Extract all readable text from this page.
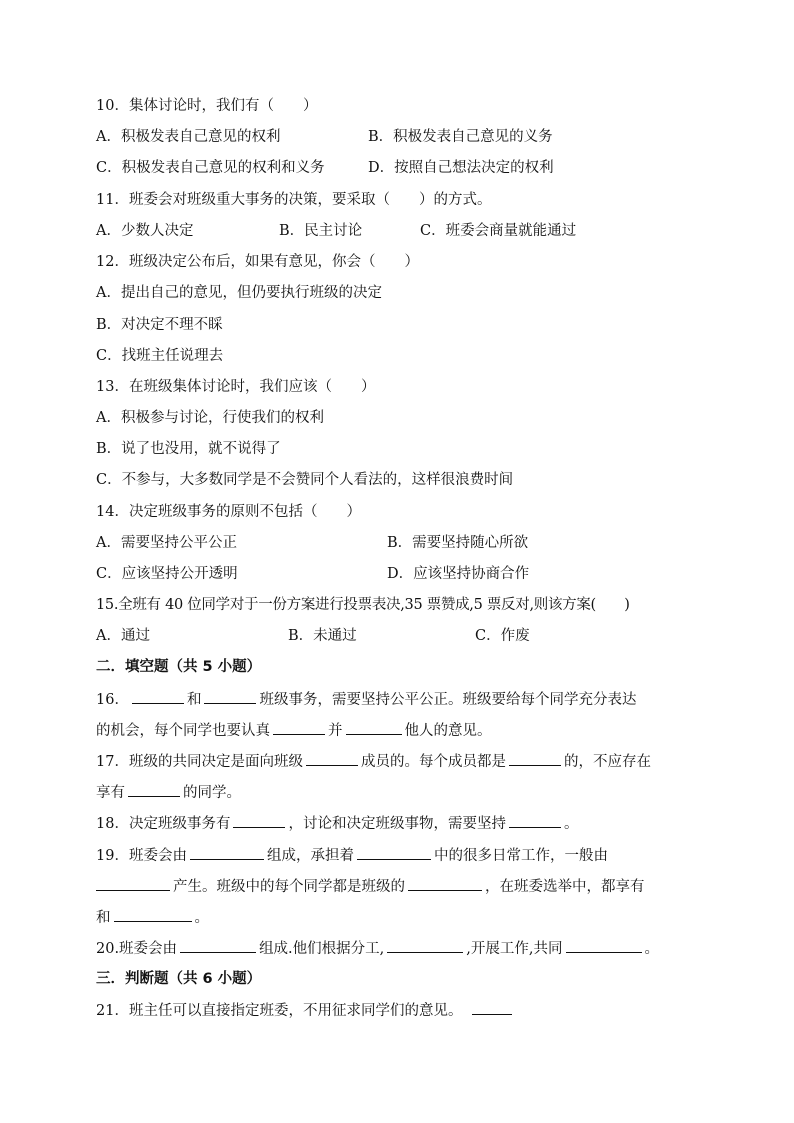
10．集体讨论时，我们有（　　）
A．积极发表自己意见的权利	B．积极发表自己意见的义务
C．积极发表自己意见的权利和义务	D．按照自己想法决定的权利
11．班委会对班级重大事务的决策，要采取（　　）的方式。
A．少数人决定	B．民主讨论	C．班委会商量就能通过
12．班级决定公布后，如果有意见，你会（　　）
A．提出自己的意见，但仍要执行班级的决定
B．对决定不理不睬
C．找班主任说理去
13．在班级集体讨论时，我们应该（　　）
A．积极参与讨论，行使我们的权利
B．说了也没用，就不说得了
C．不参与，大多数同学是不会赞同个人看法的，这样很浪费时间
14．决定班级事务的原则不包括（　　）
A．需要坚持公平公正	B．需要坚持随心所欲
C．应该坚持公开透明	D．应该坚持协商合作
15.全班有 40 位同学对于一份方案进行投票表决,35 票赞成,5 票反对,则该方案(　　)
A．通过	B．未通过	C．作废
二．填空题（共 5 小题）
16．	和	班级事务，需要坚持公平公正。班级要给每个同学充分表达
的机会，每个同学也要认真	并	他人的意见。
17．班级的共同决定是面向班级	成员的。每个成员都是	的，不应存在
享有	的同学。
18．决定班级事务有	，讨论和决定班级事物，需要坚持	。
19．班委会由	组成，承担着	中的很多日常工作，一般由
产生。班级中的每个同学都是班级的	，在班委选举中，都享有
和	。
20.班委会由	组成.他们根据分工,	,开展工作,共同	。
三．判断题（共 6 小题）
21．班主任可以直接指定班委，不用征求同学们的意见。
